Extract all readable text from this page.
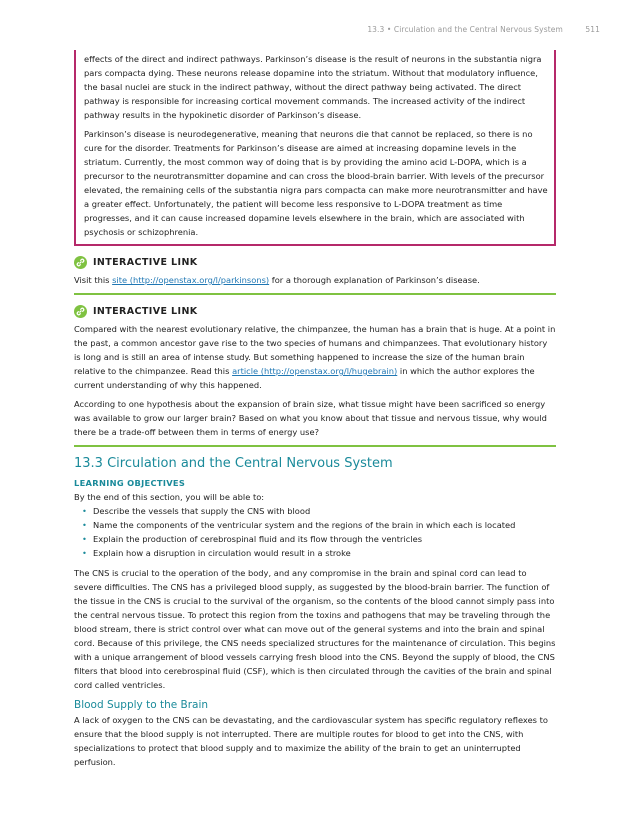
13.3 • Circulation and the Central Nervous System	511

effects of the direct and indirect pathways. Parkinson’s disease is the result of neurons in the substantia nigra pars compacta dying. These neurons release dopamine into the striatum. Without that modulatory influence, the basal nuclei are stuck in the indirect pathway, without the direct pathway being activated. The direct pathway is responsible for increasing cortical movement commands. The increased activity of the indirect pathway results in the hypokinetic disorder of Parkinson’s disease.

Parkinson’s disease is neurodegenerative, meaning that neurons die that cannot be replaced, so there is no cure for the disorder. Treatments for Parkinson’s disease are aimed at increasing dopamine levels in the striatum. Currently, the most common way of doing that is by providing the amino acid L-DOPA, which is a precursor to the neurotransmitter dopamine and can cross the blood-brain barrier. With levels of the precursor elevated, the remaining cells of the substantia nigra pars compacta can make more neurotransmitter and have a greater effect. Unfortunately, the patient will become less responsive to L-DOPA treatment as time progresses, and it can cause increased dopamine levels elsewhere in the brain, which are associated with psychosis or schizophrenia.

INTERACTIVE LINK

Visit this site (http://openstax.org/l/parkinsons) for a thorough explanation of Parkinson’s disease.

INTERACTIVE LINK

Compared with the nearest evolutionary relative, the chimpanzee, the human has a brain that is huge. At a point in the past, a common ancestor gave rise to the two species of humans and chimpanzees. That evolutionary history is long and is still an area of intense study. But something happened to increase the size of the human brain relative to the chimpanzee. Read this article (http://openstax.org/l/hugebrain) in which the author explores the current understanding of why this happened.

According to one hypothesis about the expansion of brain size, what tissue might have been sacrificed so energy was available to grow our larger brain? Based on what you know about that tissue and nervous tissue, why would there be a trade-off between them in terms of energy use?

13.3 Circulation and the Central Nervous System
LEARNING OBJECTIVES

By the end of this section, you will be able to:

• Describe the vessels that supply the CNS with blood
• Name the components of the ventricular system and the regions of the brain in which each is located
• Explain the production of cerebrospinal fluid and its flow through the ventricles
• Explain how a disruption in circulation would result in a stroke

The CNS is crucial to the operation of the body, and any compromise in the brain and spinal cord can lead to severe difficulties. The CNS has a privileged blood supply, as suggested by the blood-brain barrier. The function of the tissue in the CNS is crucial to the survival of the organism, so the contents of the blood cannot simply pass into the central nervous tissue. To protect this region from the toxins and pathogens that may be traveling through the blood stream, there is strict control over what can move out of the general systems and into the brain and spinal cord. Because of this privilege, the CNS needs specialized structures for the maintenance of circulation. This begins with a unique arrangement of blood vessels carrying fresh blood into the CNS. Beyond the supply of blood, the CNS filters that blood into cerebrospinal fluid (CSF), which is then circulated through the cavities of the brain and spinal cord called ventricles.

Blood Supply to the Brain

A lack of oxygen to the CNS can be devastating, and the cardiovascular system has specific regulatory reflexes to ensure that the blood supply is not interrupted. There are multiple routes for blood to get into the CNS, with specializations to protect that blood supply and to maximize the ability of the brain to get an uninterrupted perfusion.
